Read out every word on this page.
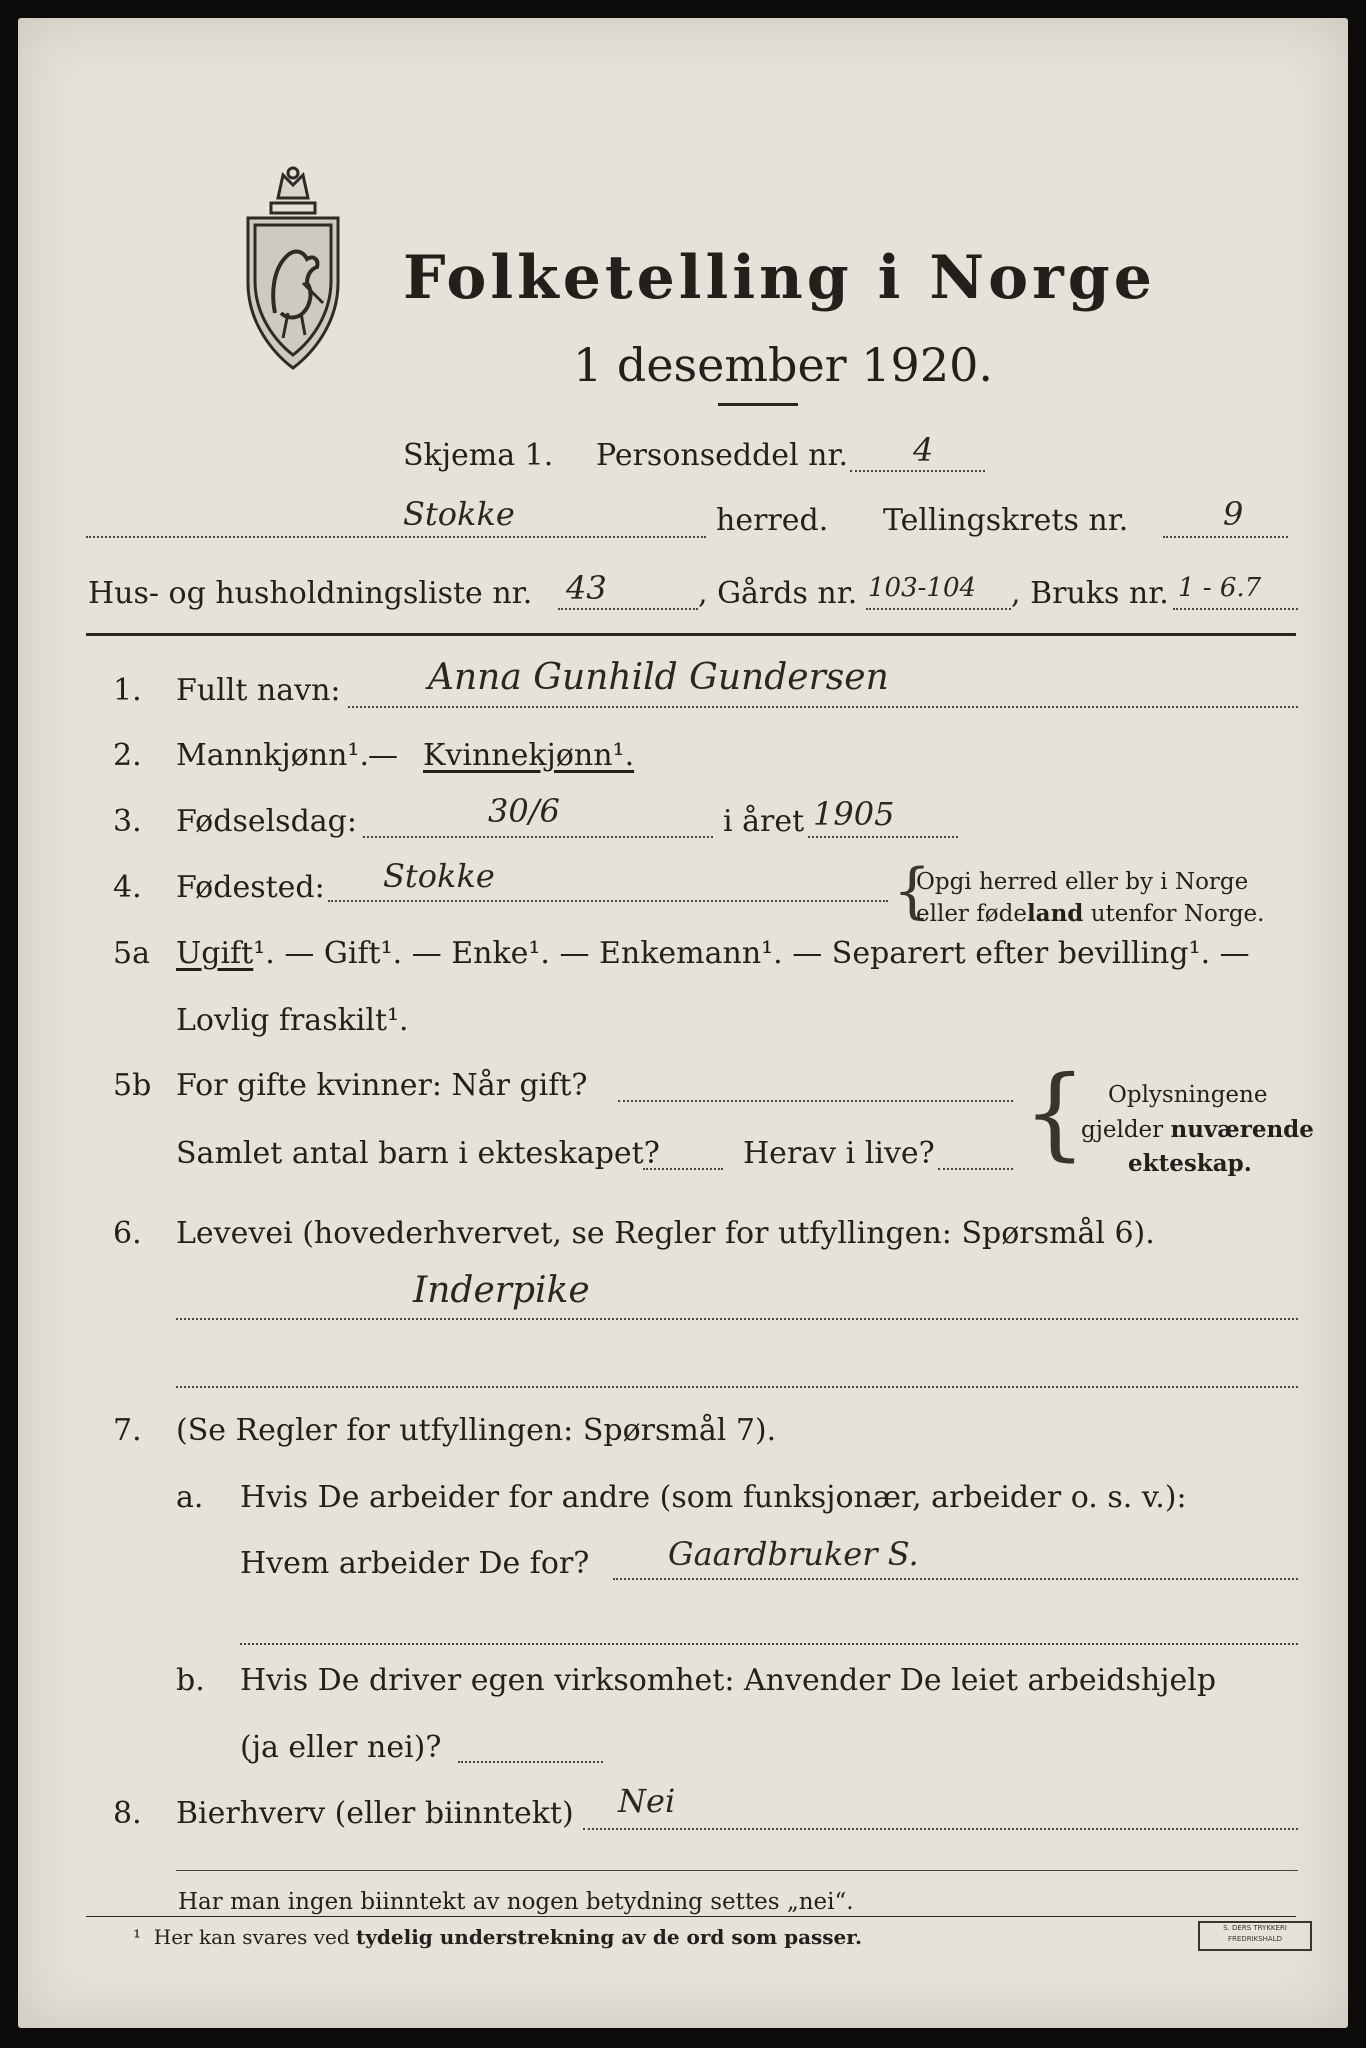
Folketelling i Norge
1 desember 1920.
Skjema 1. Personseddel nr. 4
Stokke	herred. Tellingskrets nr.	9
Hus- og husholdningsliste nr. 43	, Gårds nr. 103-104 , Bruks nr. 1 - 6.7
1. Fullt navn: Anna Gunhild Gundersen
2. Mannkjønn¹. — Kvinnekjønn¹.
3. Fødselsdag:	30/6	i året 1905
4. Fødested: Stokke	{
Opgi herred eller by i Norge
eller fødeland utenfor Norge.
5a Ugift¹. — Gift¹. — Enke¹. — Enkemann¹. — Separert efter bevilling¹. —
Lovlig fraskilt¹.
5b For gifte kvinner: Når gift?
Samlet antal barn i ekteskapet?	Herav i live? { Oplysningene
gjelder nuværende
ekteskap.
6. Levevei (hovederhvervet, se Regler for utfyllingen: Spørsmål 6).
Inderpike
7. (Se Regler for utfyllingen: Spørsmål 7).
a. Hvis De arbeider for andre (som funksjonær, arbeider o. s. v.):
Hvem arbeider De for? Gaardbruker S.
b. Hvis De driver egen virksomhet: Anvender De leiet arbeidshjelp
(ja eller nei)?
8. Bierhverv (eller biinntekt) Nei
Har man ingen biinntekt av nogen betydning settes „nei“.
¹ Her kan svares ved tydelig understrekning av de ord som passer.	S. DERS TRYKKERI
FREDRIKSHALD
